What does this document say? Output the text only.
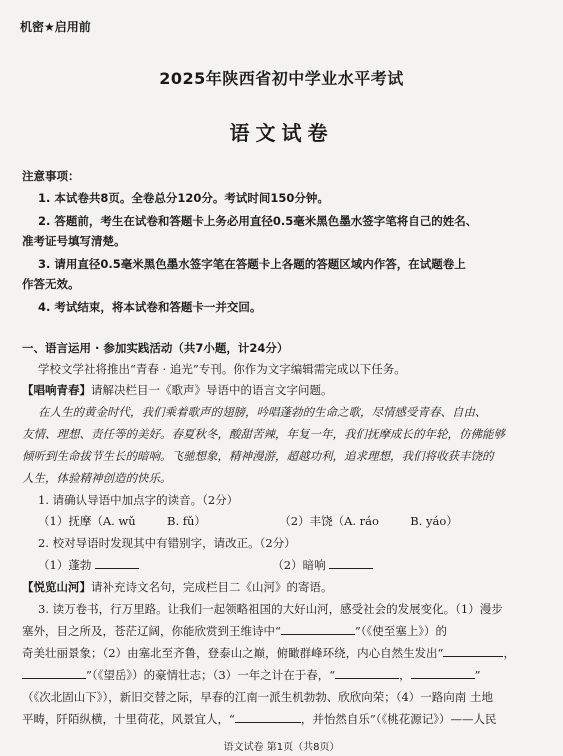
机密★启用前
2025年陕西省初中学业水平考试
语文试卷
注意事项：
1. 本试卷共8页。全卷总分120分。考试时间150分钟。
2. 答题前，考生在试卷和答题卡上务必用直径0.5毫米黑色墨水签字笔将自己的姓名、
准考证号填写清楚。
3. 请用直径0.5毫米黑色墨水签字笔在答题卡上各题的答题区域内作答，在试题卷上
作答无效。
4. 考试结束，将本试卷和答题卡一并交回。
一、语言运用 · 参加实践活动（共7小题，计24分）
学校文学社将推出“青春 · 追光”专刊。你作为文字编辑需完成以下任务。
【唱响青春】请解决栏目一《歌声》导语中的语言文字问题。
在人生的黄金时代，我们乘着歌声的翅膀，吟唱蓬勃的生命之歌，尽情感受青春、自由、
友情、理想、责任等的美好。春夏秋冬，酸甜苦辣，年复一年，我们抚摩成长的年轮，仿佛能够
倾听到生命拔节生长的暗响。飞驰想象，精神漫游，超越功利，追求理想，我们将收获丰饶的
人生，体验精神创造的快乐。
1. 请确认导语中加点字的读音。（2分）
（1）抚摩（A. wǔ	B. fǔ）	（2）丰饶（A. ráo	B. yáo）
2. 校对导语时发现其中有错别字，请改正。（2分）
（1）蓬勃	（2）暗响
【悦览山河】请补充诗文名句，完成栏目二《山河》的寄语。
3. 读万卷书，行万里路。让我们一起领略祖国的大好山河，感受社会的发展变化。（1）漫步
塞外，目之所及，苍茫辽阔，你能欣赏到王维诗中“	”（《使至塞上》）的
奇美壮丽景象；（2）由塞北至齐鲁，登泰山之巅，俯瞰群峰环绕，内心自然生发出“	，
”（《望岳》）的豪情壮志；（3）一年之计在于春，“	，	”
（《次北固山下》），新旧交替之际，早春的江南一派生机勃勃、欣欣向荣；（4）一路向南 土地
平畴，阡陌纵横，十里荷花，风景宜人，“	，并怡然自乐”（《桃花源记》）——人民
语文试卷 第1页（共8页）
